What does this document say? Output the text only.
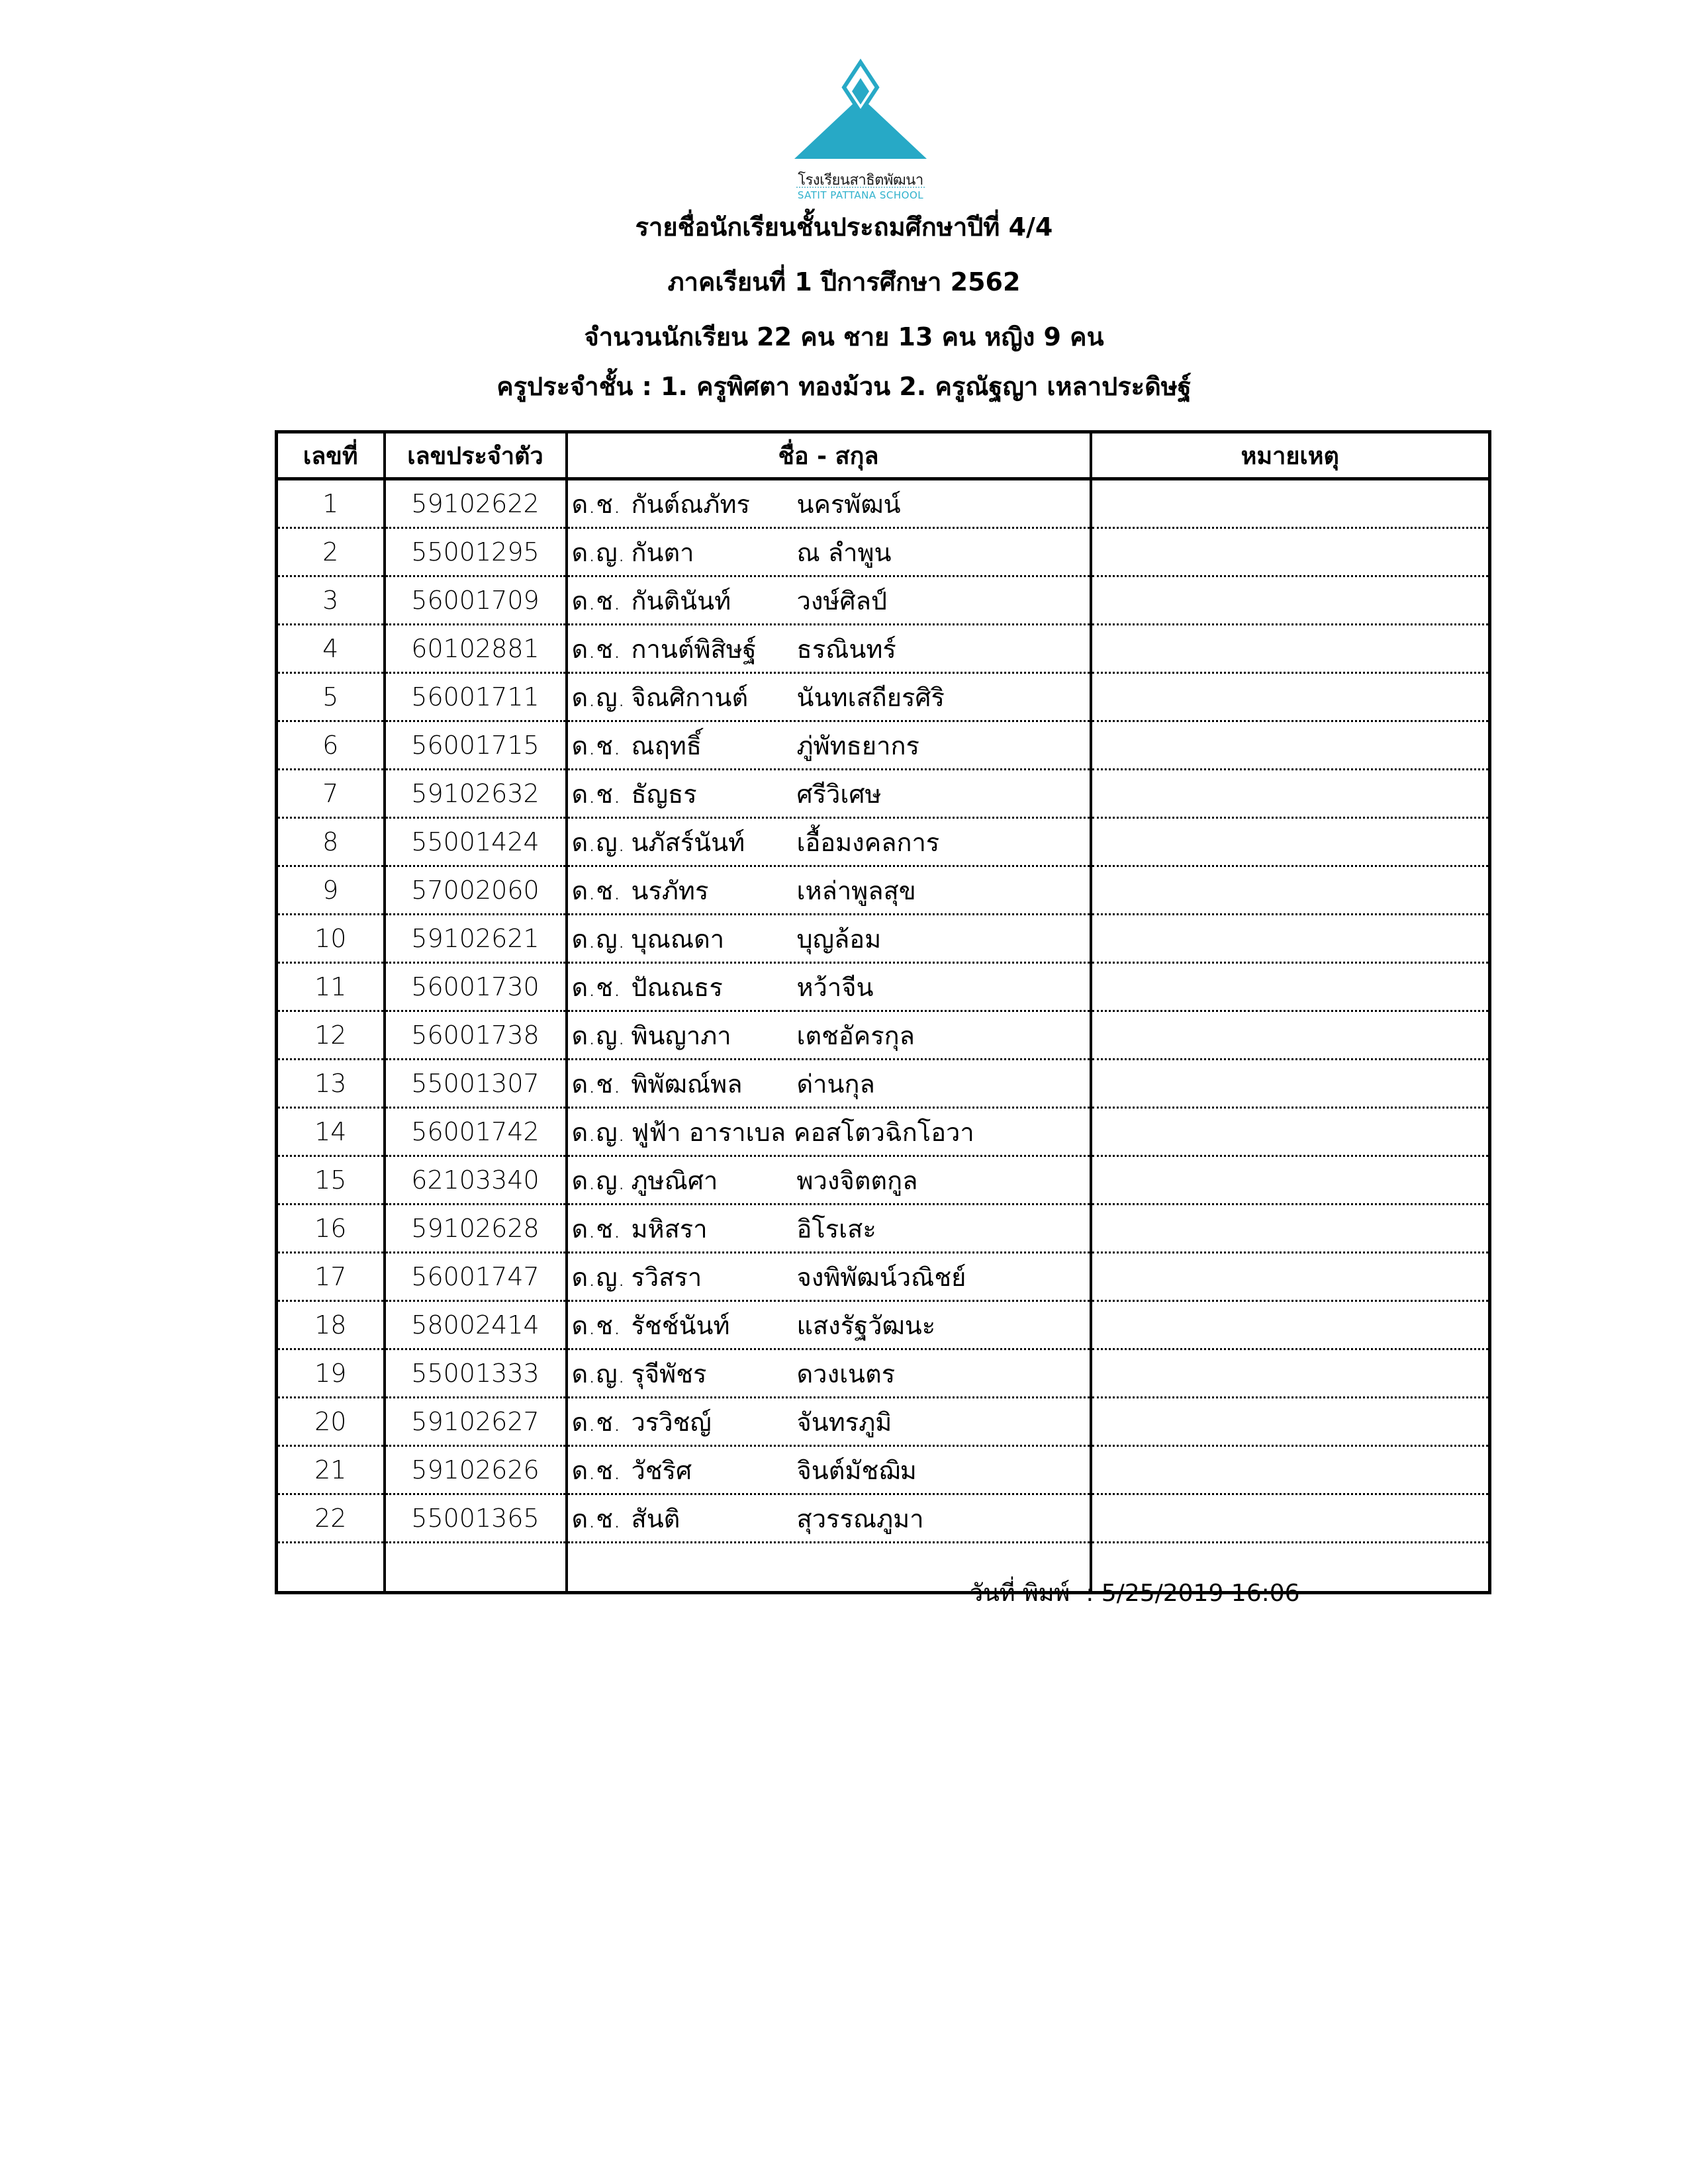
โรงเรียนสาธิตพัฒนา
SATIT PATTANA SCHOOL
รายชื่อนักเรียนชั้นประถมศึกษาปีที่ 4/4
ภาคเรียนที่ 1 ปีการศึกษา 2562
จำนวนนักเรียน 22 คน ชาย 13 คน หญิง 9 คน
ครูประจำชั้น : 1. ครูพิศตา ทองม้วน 2. ครูณัฐญา เหลาประดิษฐ์
เลขที่	เลขประจำตัว	ชื่อ - สกุล	หมายเหตุ
1	59102622	ด.ช. กันต์ณภัทร นครพัฒน์	
2	55001295	ด.ญ. กันตา ณ ลำพูน	
3	56001709	ด.ช. กันตินันท์ วงษ์ศิลป์	
4	60102881	ด.ช. กานต์พิสิษฐ์ ธรณินทร์	
5	56001711	ด.ญ. จิณศิกานต์ นันทเสถียรศิริ	
6	56001715	ด.ช. ณฤทธิ์ ภู่พัทธยากร	
7	59102632	ด.ช. ธัญธร ศรีวิเศษ	
8	55001424	ด.ญ. นภัสร์นันท์ เอื้อมงคลการ	
9	57002060	ด.ช. นรภัทร เหล่าพูลสุข	
10	59102621	ด.ญ. บุณณดา บุญล้อม	
11	56001730	ด.ช. ปัณณธร หว้าจีน	
12	56001738	ด.ญ. พินญาภา เตชอัครกุล	
13	55001307	ด.ช. พิพัฒณ์พล ด่านกุล	
14	56001742	ด.ญ. ฟูฟ้า อาราเบล คอสโตวฉิกโอวา	
15	62103340	ด.ญ. ภูษณิศา พวงจิตตกูล	
16	59102628	ด.ช. มหิสรา อิโรเสะ	
17	56001747	ด.ญ. รวิสรา จงพิพัฒน์วณิชย์	
18	58002414	ด.ช. รัชช์นันท์ แสงรัฐวัฒนะ	
19	55001333	ด.ญ. รุจีพัชร ดวงเนตร	
20	59102627	ด.ช. วรวิชญ์ จันทรภูมิ	
21	59102626	ด.ช. วัชริศ จินต์มัชฌิม	
22	55001365	ด.ช. สันติ สุวรรณภูมา	

วันที่ พิมพ์ : 5/25/2019 16:06
